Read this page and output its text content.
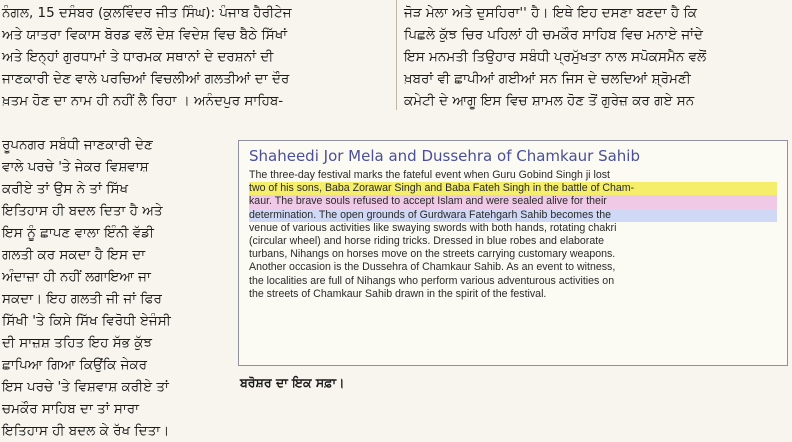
ਨੰਗਲ, 15 ਦਸੰਬਰ (ਕੁਲਵਿੰਦਰ ਜੀਤ ਸਿੰਘ): ਪੰਜਾਬ ਹੈਰੀਟੇਜ
ਅਤੇ ਯਾਤਰਾ ਵਿਕਾਸ ਬੋਰਡ ਵਲੋਂ ਦੇਸ਼ ਵਿਦੇਸ਼ ਵਿਚ ਬੈਠੇ ਸਿੱਖਾਂ
ਅਤੇ ਇਨ੍ਹਾਂ ਗੁਰਧਾਮਾਂ ਤੇ ਧਾਰਮਕ ਸਥਾਨਾਂ ਦੇ ਦਰਸ਼ਨਾਂ ਦੀ
ਜਾਣਕਾਰੀ ਦੇਣ ਵਾਲੇ ਪਰਚਿਆਂ ਵਿਚਲੀਆਂ ਗਲਤੀਆਂ ਦਾ ਦੌਰ
ਖ਼ਤਮ ਹੋਣ ਦਾ ਨਾਮ ਹੀ ਨਹੀਂ ਲੈ ਰਿਹਾ । ਅਨੰਦਪੁਰ ਸਾਹਿਬ-
ਜੋੜ ਮੇਲਾ ਅਤੇ ਦੁਸਹਿਰਾ'' ਹੈ। ਇਥੇ ਇਹ ਦਸਣਾ ਬਣਦਾ ਹੈ ਕਿ
ਪਿਛਲੇ ਕੁੱਝ ਚਿਰ ਪਹਿਲਾਂ ਹੀ ਚਮਕੌਰ ਸਾਹਿਬ ਵਿਚ ਮਨਾਏ ਜਾਂਦੇ
ਇਸ ਮਨਮਤੀ ਤਿਉਹਾਰ ਸਬੰਧੀ ਪ੍ਰਮੁੱਖਤਾ ਨਾਲ ਸਪੋਕਸਮੈਨ ਵਲੋਂ
ਖ਼ਬਰਾਂ ਵੀ ਛਾਪੀਆਂ ਗਈਆਂ ਸਨ ਜਿਸ ਦੇ ਚਲਦਿਆਂ ਸ਼੍ਰੋਮਣੀ
ਕਮੇਟੀ ਦੇ ਆਗੂ ਇਸ ਵਿਚ ਸ਼ਾਮਲ ਹੋਣ ਤੋਂ ਗੁਰੇਜ਼ ਕਰ ਗਏ ਸਨ
ਰੂਪਨਗਰ ਸਬੰਧੀ ਜਾਣਕਾਰੀ ਦੇਣ
ਵਾਲੇ ਪਰਚੇ 'ਤੇ ਜੇਕਰ ਵਿਸ਼ਵਾਸ਼
ਕਰੀਏ ਤਾਂ ਉਸ ਨੇ ਤਾਂ ਸਿੱਖ
ਇਤਿਹਾਸ ਹੀ ਬਦਲ ਦਿਤਾ ਹੈ ਅਤੇ
ਇਸ ਨੂੰ ਛਾਪਣ ਵਾਲਾ ਇੰਨੀ ਵੱਡੀ
ਗਲਤੀ ਕਰ ਸਕਦਾ ਹੈ ਇਸ ਦਾ
ਅੰਦਾਜ਼ਾ ਹੀ ਨਹੀਂ ਲਗਾਇਆ ਜਾ
ਸਕਦਾ। ਇਹ ਗਲਤੀ ਜੀ ਜਾਂ ਫਿਰ
ਸਿੱਖੀ 'ਤੇ ਕਿਸੇ ਸਿੱਖ ਵਿਰੋਧੀ ਏਜੰਸੀ
ਦੀ ਸਾਜ਼ਸ਼ ਤਹਿਤ ਇਹ ਸੱਭ ਕੁੱਝ
ਛਾਪਿਆ ਗਿਆ ਕਿਉਂਕਿ ਜੇਕਰ
ਇਸ ਪਰਚੇ 'ਤੇ ਵਿਸ਼ਵਾਸ਼ ਕਰੀਏ ਤਾਂ
ਚਮਕੌਰ ਸਾਹਿਬ ਦਾ ਤਾਂ ਸਾਰਾ
ਇਤਿਹਾਸ ਹੀ ਬਦਲ ਕੇ ਰੱਖ ਦਿਤਾ।
Shaheedi Jor Mela and Dussehra of Chamkaur Sahib
The three-day festival marks the fateful event when Guru Gobind Singh ji lost
two of his sons, Baba Zorawar Singh and Baba Fateh Singh in the battle of Cham-
kaur. The brave souls refused to accept Islam and were sealed alive for their
determination. The open grounds of Gurdwara Fatehgarh Sahib becomes the
venue of various activities like swaying swords with both hands, rotating chakri
(circular wheel) and horse riding tricks. Dressed in blue robes and elaborate
turbans, Nihangs on horses move on the streets carrying customary weapons.
Another occasion is the Dussehra of Chamkaur Sahib. As an event to witness,
the localities are full of Nihangs who perform various adventurous activities on
the streets of Chamkaur Sahib drawn in the spirit of the festival.
ਬਰੋਸ਼ਰ ਦਾ ਇਕ ਸਫ਼ਾ।
